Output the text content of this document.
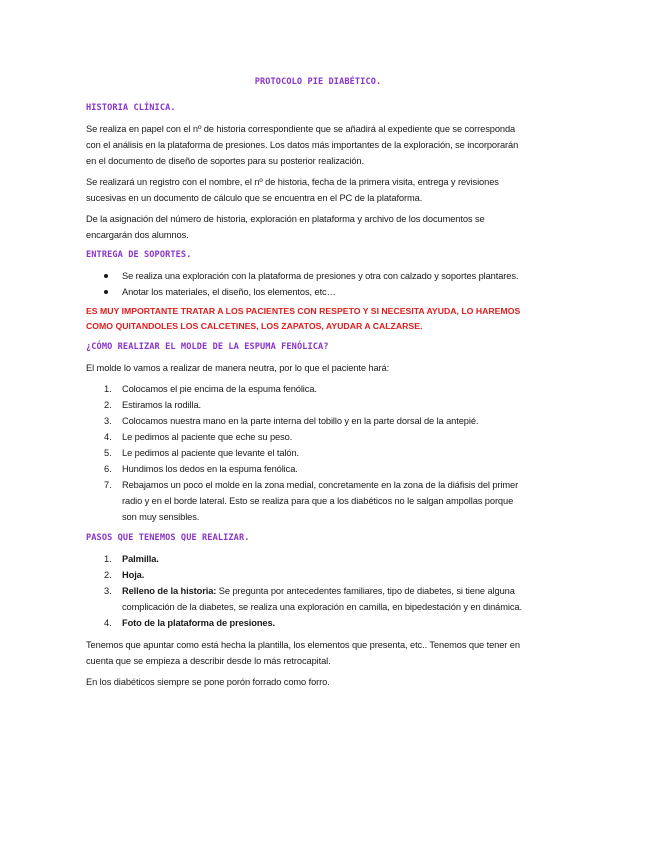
PROTOCOLO PIE DIABÉTICO.
HISTORIA CLÍNICA.

Se realiza en papel con el nº de historia correspondiente que se añadirá al expediente que se corresponda con el análisis en la plataforma de presiones. Los datos más importantes de la exploración, se incorporarán en el documento de diseño de soportes para su posterior realización.

Se realizará un registro con el nombre, el nº de historia, fecha de la primera visita, entrega y revisiones sucesivas en un documento de cálculo que se encuentra en el PC de la plataforma.

De la asignación del número de historia, exploración en plataforma y archivo de los documentos se encargarán dos alumnos.

ENTREGA DE SOPORTES.
Se realiza una exploración con la plataforma de presiones y otra con calzado y soportes plantares.
Anotar los materiales, el diseño, los elementos, etc…

ES MUY IMPORTANTE TRATAR A LOS PACIENTES CON RESPETO Y SI NECESITA AYUDA, LO HAREMOS COMO QUITANDOLES LOS CALCETINES, LOS ZAPATOS, AYUDAR A CALZARSE.

¿CÓMO REALIZAR EL MOLDE DE LA ESPUMA FENÓLICA?

El molde lo vamos a realizar de manera neutra, por lo que el paciente hará:

1. Colocamos el pie encima de la espuma fenólica.
2. Estiramos la rodilla.
3. Colocamos nuestra mano en la parte interna del tobillo y en la parte dorsal de la antepié.
4. Le pedimos al paciente que eche su peso.
5. Le pedimos al paciente que levante el talón.
6. Hundimos los dedos en la espuma fenólica.
7. Rebajamos un poco el molde en la zona medial, concretamente en la zona de la diáfisis del primer radio y en el borde lateral. Esto se realiza para que a los diabéticos no le salgan ampollas porque son muy sensibles.
PASOS QUE TENEMOS QUE REALIZAR.
1. Palmilla.
2. Hoja.
3. Relleno de la historia: Se pregunta por antecedentes familiares, tipo de diabetes, si tiene alguna complicación de la diabetes, se realiza una exploración en camilla, en bipedestación y en dinámica.
4. Foto de la plataforma de presiones.

Tenemos que apuntar como está hecha la plantilla, los elementos que presenta, etc.. Tenemos que tener en cuenta que se empieza a describir desde lo más retrocapital.

En los diabéticos siempre se pone porón forrado como forro.
